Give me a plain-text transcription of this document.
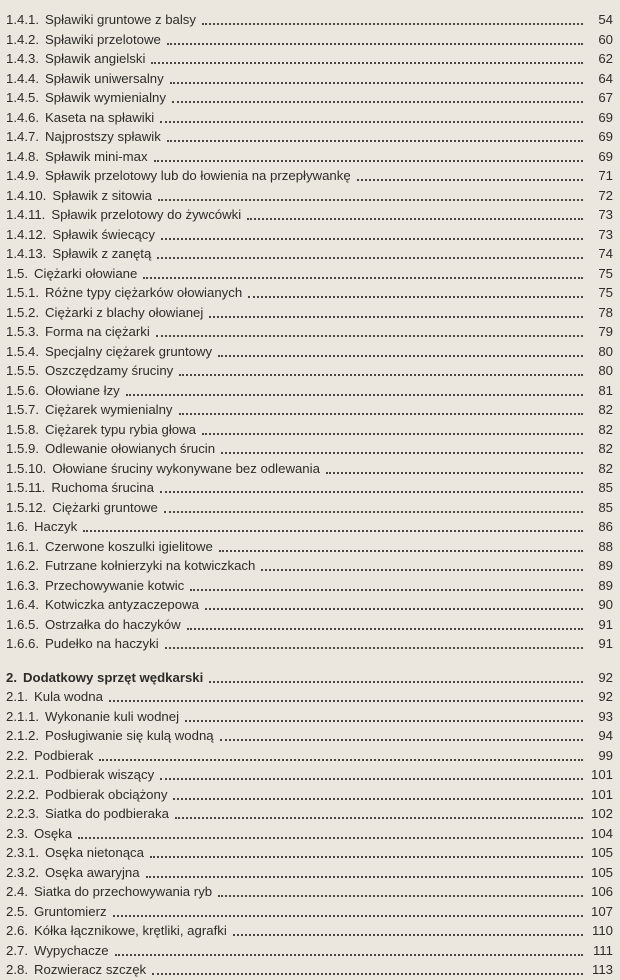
1.4.1. Spławiki gruntowe z balsy	54
1.4.2. Spławiki przelotowe	60
1.4.3. Spławik angielski	62
1.4.4. Spławik uniwersalny	64
1.4.5. Spławik wymienialny	67
1.4.6. Kaseta na spławiki	69
1.4.7. Najprostszy spławik	69
1.4.8. Spławik mini-max	69
1.4.9. Spławik przelotowy lub do łowienia na przepływankę	71
1.4.10. Spławik z sitowia	72
1.4.11. Spławik przelotowy do żywcówki	73
1.4.12. Spławik świecący	73
1.4.13. Spławik z zanętą	74
1.5. Ciężarki ołowiane	75
1.5.1. Różne typy ciężarków ołowianych	75
1.5.2. Ciężarki z blachy ołowianej	78
1.5.3. Forma na ciężarki	79
1.5.4. Specjalny ciężarek gruntowy	80
1.5.5. Oszczędzamy śruciny	80
1.5.6. Ołowiane łzy	81
1.5.7. Ciężarek wymienialny	82
1.5.8. Ciężarek typu rybia głowa	82
1.5.9. Odlewanie ołowianych śrucin	82
1.5.10. Ołowiane śruciny wykonywane bez odlewania	82
1.5.11. Ruchoma śrucina	85
1.5.12. Ciężarki gruntowe	85
1.6. Haczyk	86
1.6.1. Czerwone koszulki igielitowe	88
1.6.2. Futrzane kołnierzyki na kotwiczkach	89
1.6.3. Przechowywanie kotwic	89
1.6.4. Kotwiczka antyzaczepowa	90
1.6.5. Ostrzałka do haczyków	91
1.6.6. Pudełko na haczyki	91
2. Dodatkowy sprzęt wędkarski	92
2.1. Kula wodna	92
2.1.1. Wykonanie kuli wodnej	93
2.1.2. Posługiwanie się kulą wodną	94
2.2. Podbierak	99
2.2.1. Podbierak wiszący	101
2.2.2. Podbierak obciążony	101
2.2.3. Siatka do podbieraka	102
2.3. Osęka	104
2.3.1. Osęka nietonąca	105
2.3.2. Osęka awaryjna	105
2.4. Siatka do przechowywania ryb	106
2.5. Gruntomierz	107
2.6. Kółka łącznikowe, krętliki, agrafki	110
2.7. Wypychacze	111
2.8. Rozwieracz szczęk	113
